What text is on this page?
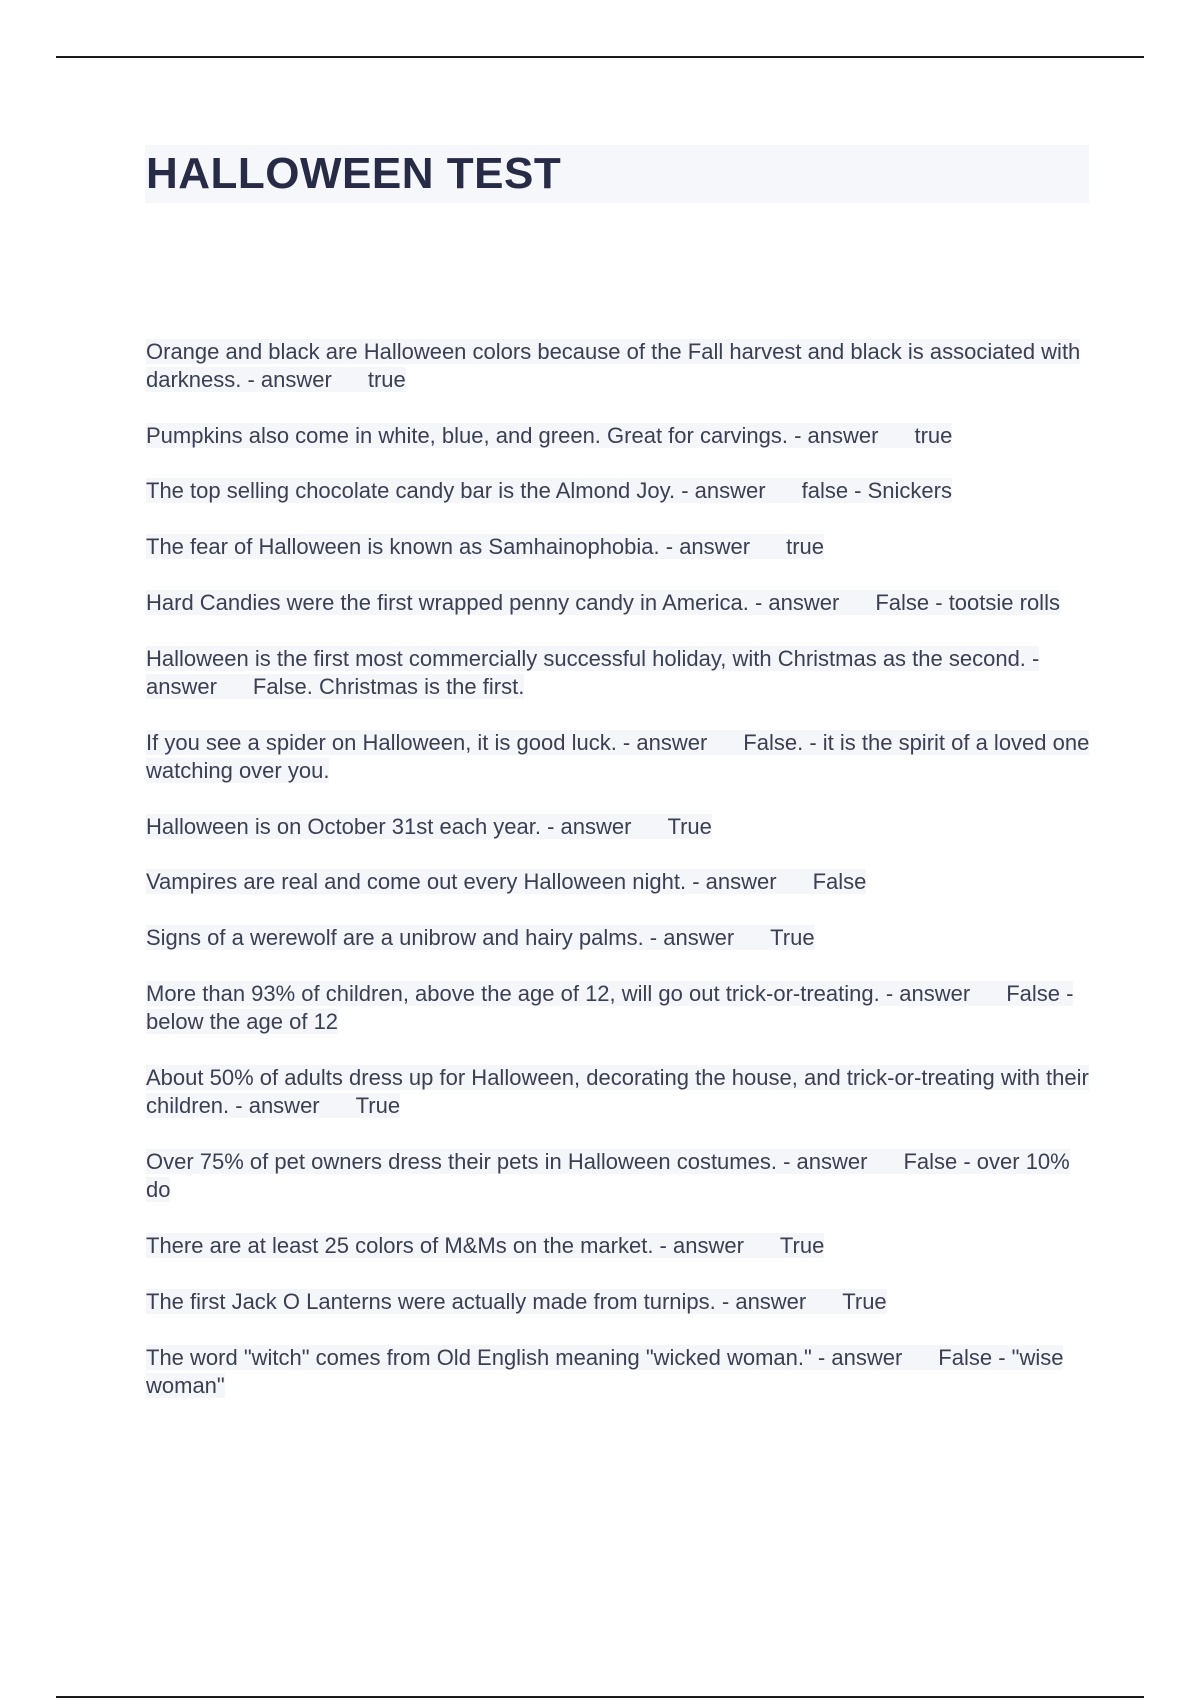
HALLOWEEN TEST
Orange and black are Halloween colors because of the Fall harvest and black is associated with darkness. - answer true
Pumpkins also come in white, blue, and green. Great for carvings. - answer true
The top selling chocolate candy bar is the Almond Joy. - answer false - Snickers
The fear of Halloween is known as Samhainophobia. - answer true
Hard Candies were the first wrapped penny candy in America. - answer False - tootsie rolls
Halloween is the first most commercially successful holiday, with Christmas as the second. - answer False. Christmas is the first.
If you see a spider on Halloween, it is good luck. - answer False. - it is the spirit of a loved one watching over you.
Halloween is on October 31st each year. - answer True
Vampires are real and come out every Halloween night. - answer False
Signs of a werewolf are a unibrow and hairy palms. - answer True
More than 93% of children, above the age of 12, will go out trick-or-treating. - answer False - below the age of 12
About 50% of adults dress up for Halloween, decorating the house, and trick-or-treating with their children. - answer True
Over 75% of pet owners dress their pets in Halloween costumes. - answer False - over 10% do
There are at least 25 colors of M&Ms on the market. - answer True
The first Jack O Lanterns were actually made from turnips. - answer True
The word "witch" comes from Old English meaning "wicked woman." - answer False - "wise woman"
